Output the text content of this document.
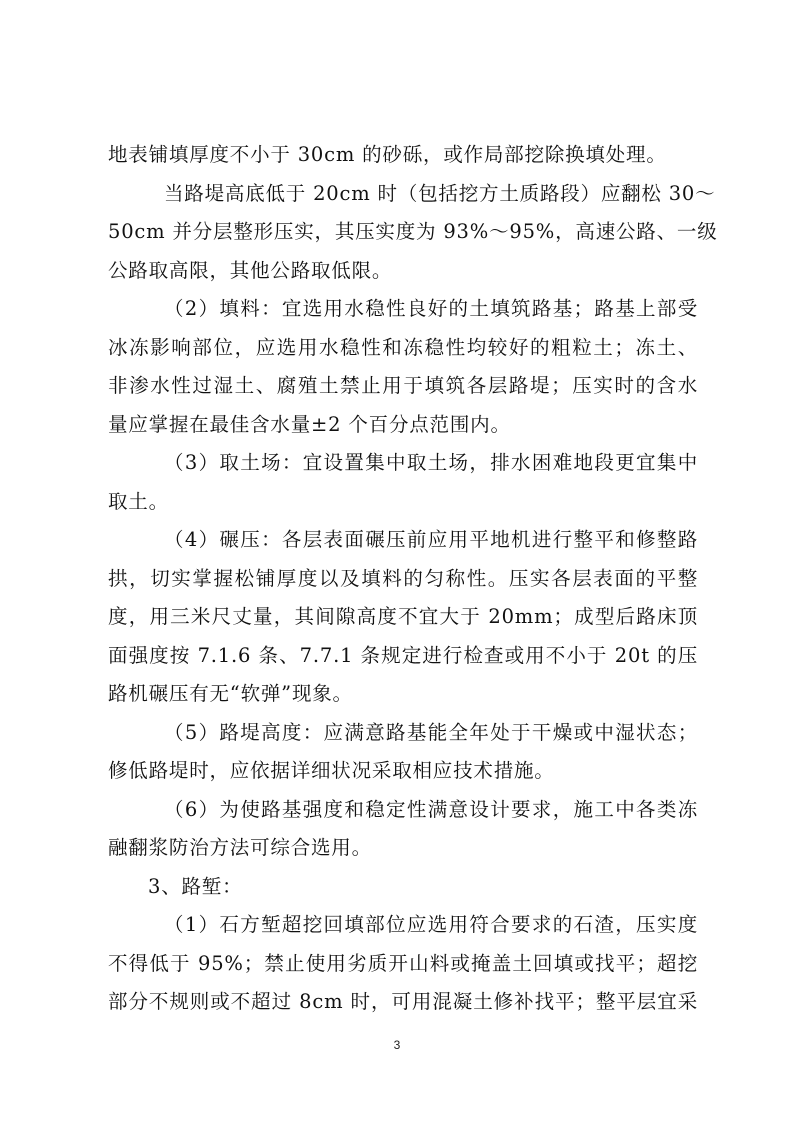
地表铺填厚度不小于 30cm 的砂砾，或作局部挖除换填处理。
当路堤高底低于 20cm 时（包括挖方土质路段）应翻松 30～
50cm 并分层整形压实，其压实度为 93%～95%，高速公路、一级
公路取高限，其他公路取低限。
（2）填料：宜选用水稳性良好的土填筑路基；路基上部受
冰冻影响部位，应选用水稳性和冻稳性均较好的粗粒土；冻土、
非渗水性过湿土、腐殖土禁止用于填筑各层路堤；压实时的含水
量应掌握在最佳含水量±2 个百分点范围内。
（3）取土场：宜设置集中取土场，排水困难地段更宜集中
取土。
（4）碾压：各层表面碾压前应用平地机进行整平和修整路
拱，切实掌握松铺厚度以及填料的匀称性。压实各层表面的平整
度，用三米尺丈量，其间隙高度不宜大于 20mm；成型后路床顶
面强度按 7.1.6 条、7.7.1 条规定进行检查或用不小于 20t 的压
路机碾压有无“软弹”现象。
（5）路堤高度：应满意路基能全年处于干燥或中湿状态；
修低路堤时，应依据详细状况采取相应技术措施。
（6）为使路基强度和稳定性满意设计要求，施工中各类冻
融翻浆防治方法可综合选用。
3、路堑：
（1）石方堑超挖回填部位应选用符合要求的石渣，压实度
不得低于 95%；禁止使用劣质开山料或掩盖土回填或找平；超挖
部分不规则或不超过 8cm 时，可用混凝土修补找平；整平层宜采
3
